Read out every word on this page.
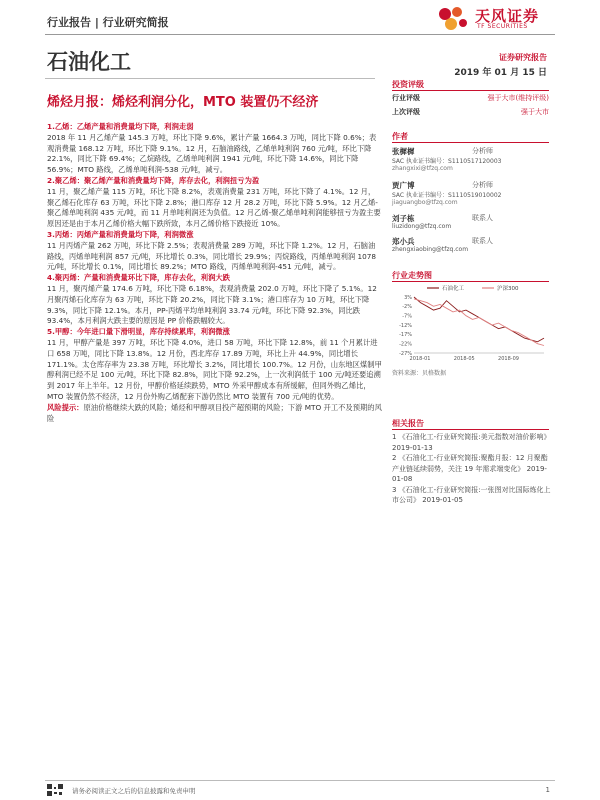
行业报告 | 行业研究简报	天风证券
TF SECURITIES
石油化工
烯烃月报：烯烃利润分化，MTO 装置仍不经济
证券研究报告
2019 年 01 月 15 日
投资评级
行业评级	强于大市(维持评级)
上次评级	强于大市
作者
张樨樨	分析师
SAC 执业证书编号：S1110517120003
zhangxixi@tfzq.com
贾广博	分析师
SAC 执业证书编号：S1110519010002
jiaguangbo@tfzq.com
刘子栋	联系人
liuzidong@tfzq.com
郑小兵	联系人
zhengxiaobing@tfzq.com
行业走势图
石油化工	沪深300
3%
-2%
-7%
-12%
-17%
-22%
-27%
2018-01	2018-05	2018-09
资料来源：贝格数据
相关报告
1 《石油化工-行业研究简报:美元指数对油价影响》 2019-01-13
2 《石油化工-行业研究简报:聚酯月报：12 月聚酯产业链延续弱势，关注 19 年需求端变化》 2019-01-08
3 《石油化工-行业研究简报:一张图对比国际炼化上市公司》 2019-01-05
1.乙烯：乙烯产量和消费量均下降，利润走弱
2018 年 11 月乙烯产量 145.3 万吨，环比下降 9.6%，累计产量 1664.3 万吨，同比下降 0.6%；表观消费量 168.12 万吨，环比下降 9.1%。12 月，石脑油路线，乙烯单吨利润 760 元/吨，环比下降 22.1%，同比下降 69.4%；乙烷路线，乙烯单吨利润 1941 元/吨，环比下降 14.6%，同比下降 56.9%；MTO 路线，乙烯单吨利润-538 元/吨，减亏。
2.聚乙烯：聚乙烯产量和消费量均下降，库存去化，利润扭亏为盈
11 月，聚乙烯产量 115 万吨，环比下降 8.2%，表观消费量 231 万吨，环比下降了 4.1%。12 月，聚乙烯石化库存 63 万吨，环比下降 2.8%；港口库存 12 月 28.2 万吨，环比下降 5.9%。12 月乙烯-聚乙烯单吨利润 435 元/吨，而 11 月单吨利润还为负值。12 月乙烯-聚乙烯单吨利润能够扭亏为盈主要原因还是由于本月乙烯价格大幅下跌所致，本月乙烯价格下跌接近 10%。
3.丙烯：丙烯产量和消费量均下降，利润微涨
11 月丙烯产量 262 万吨，环比下降 2.5%；表观消费量 289 万吨，环比下降 1.2%。12 月，石脑油路线，丙烯单吨利润 857 元/吨，环比增长 0.3%，同比增长 29.9%；丙烷路线，丙烯单吨利润 1078 元/吨，环比增长 0.1%，同比增长 89.2%；MTO 路线，丙烯单吨利润-451 元/吨，减亏。
4.聚丙烯：产量和消费量环比下降，库存去化，利润大跌
11 月，聚丙烯产量 174.6 万吨，环比下降 6.18%，表观消费量 202.0 万吨，环比下降了 5.1%。12 月聚丙烯石化库存为 63 万吨，环比下降 20.2%，同比下降 3.1%；港口库存为 10 万吨，环比下降 9.3%，同比下降 12.1%。本月，PP-丙烯平均单吨利润 33.74 元/吨，环比下降 92.3%，同比跌 93.4%，本月利润大跌主要的原因是 PP 价格跌幅较大。
5.甲醇：今年进口量下滑明显，库存持续累库，利润微涨
11 月，甲醇产量是 397 万吨，环比下降 4.0%，进口 58 万吨，环比下降 12.8%，前 11 个月累计进口 658 万吨，同比下降 13.8%。12 月份，西北库存 17.89 万吨，环比上升 44.9%，同比增长 171.1%。太仓库存率为 23.38 万吨，环比增长 3.2%，同比增长 100.7%。12 月份，山东地区煤制甲醇利润已经不足 100 元/吨，环比下降 82.8%，同比下降 92.2%，上一次利润低于 100 元/吨还要追溯到 2017 年上半年。12 月份，甲醇价格延续跌势，MTO 外采甲醇成本有所缓解，但同外购乙烯比，MTO 装置仍然不经济，12 月份外购乙烯配套下游仍然比 MTO 装置有 700 元/吨的优势。
风险提示：原油价格继续大跌的风险；烯烃和甲醇项目投产超预期的风险；下游 MTO 开工不及预期的风险
请务必阅读正文之后的信息披露和免责申明	1
